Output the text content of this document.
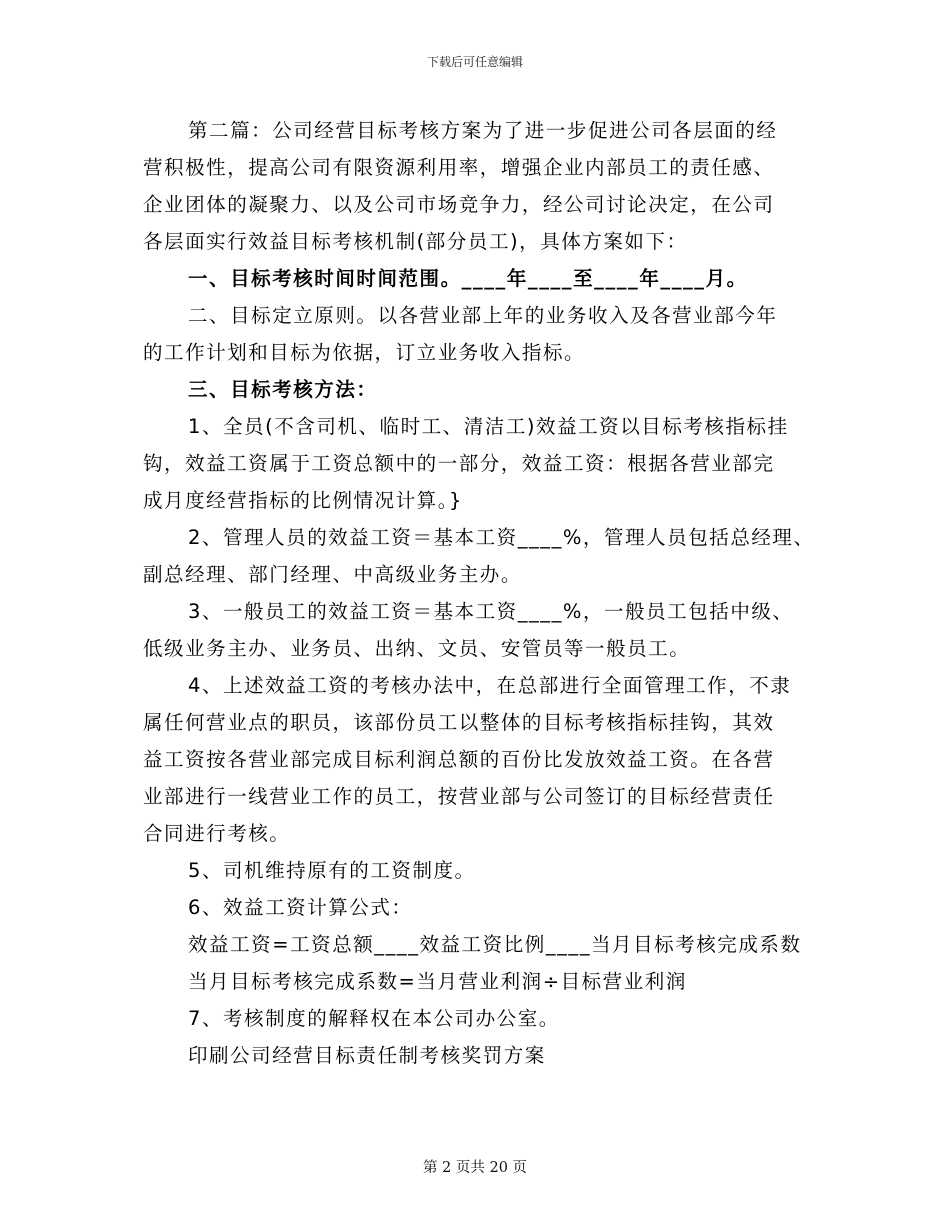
下载后可任意编辑
第二篇：公司经营目标考核方案为了进一步促进公司各层面的经
营积极性，提高公司有限资源利用率，增强企业内部员工的责任感、
企业团体的凝聚力、以及公司市场竞争力，经公司讨论决定，在公司
各层面实行效益目标考核机制(部分员工)，具体方案如下：
一、目标考核时间时间范围。____年____至____年____月。
二、目标定立原则。以各营业部上年的业务收入及各营业部今年
的工作计划和目标为依据，订立业务收入指标。
三、目标考核方法：
1、全员(不含司机、临时工、清洁工)效益工资以目标考核指标挂
钩，效益工资属于工资总额中的一部分，效益工资：根据各营业部完
成月度经营指标的比例情况计算。}
2、管理人员的效益工资＝基本工资____%，管理人员包括总经理、
副总经理、部门经理、中高级业务主办。
3、一般员工的效益工资＝基本工资____%，一般员工包括中级、
低级业务主办、业务员、出纳、文员、安管员等一般员工。
4、上述效益工资的考核办法中，在总部进行全面管理工作，不隶
属任何营业点的职员，该部份员工以整体的目标考核指标挂钩，其效
益工资按各营业部完成目标利润总额的百份比发放效益工资。在各营
业部进行一线营业工作的员工，按营业部与公司签订的目标经营责任
合同进行考核。
5、司机维持原有的工资制度。
6、效益工资计算公式：
效益工资=工资总额____效益工资比例____当月目标考核完成系数
当月目标考核完成系数=当月营业利润÷目标营业利润
7、考核制度的解释权在本公司办公室。
印刷公司经营目标责任制考核奖罚方案
第 2 页共 20 页
